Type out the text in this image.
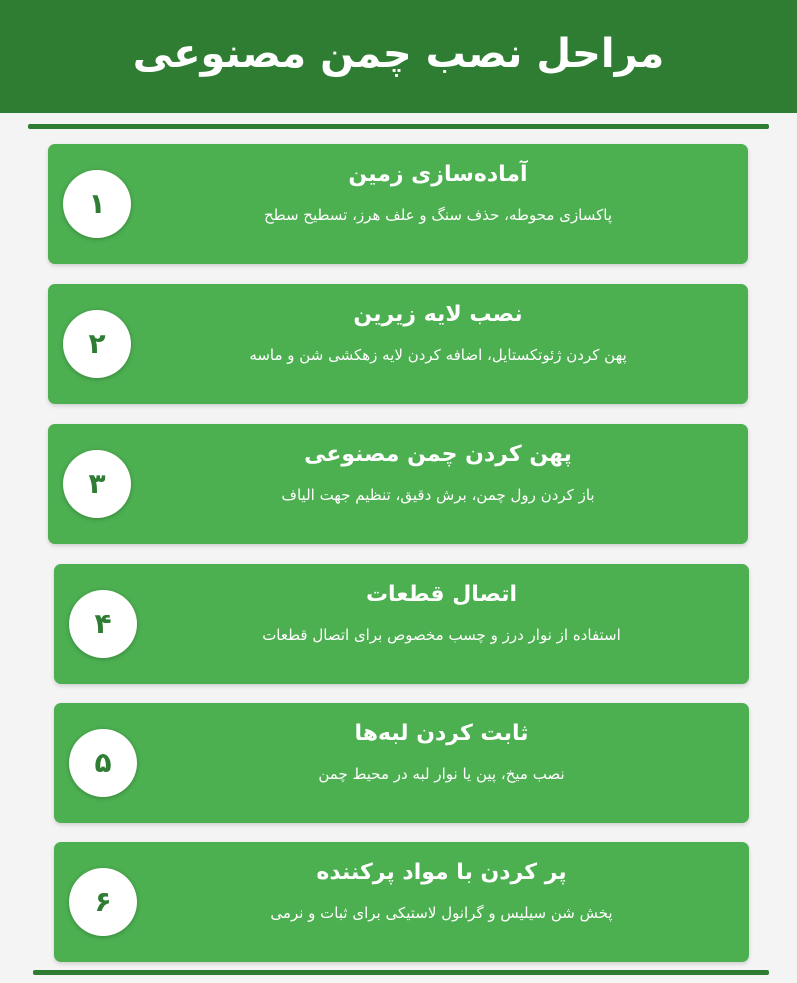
مراحل نصب چمن مصنوعی
۱
آماده‌سازی زمین
پاکسازی محوطه، حذف سنگ و علف هرز، تسطیح سطح
۲
نصب لایه زیرین
پهن کردن ژئوتکستایل، اضافه کردن لایه زهکشی شن و ماسه
۳
پهن کردن چمن مصنوعی
باز کردن رول چمن، برش دقیق، تنظیم جهت الیاف
۴
اتصال قطعات
استفاده از نوار درز و چسب مخصوص برای اتصال قطعات
۵
ثابت کردن لبه‌ها
نصب میخ، پین یا نوار لبه در محیط چمن
۶
پر کردن با مواد پرکننده
پخش شن سیلیس و گرانول لاستیکی برای ثبات و نرمی
